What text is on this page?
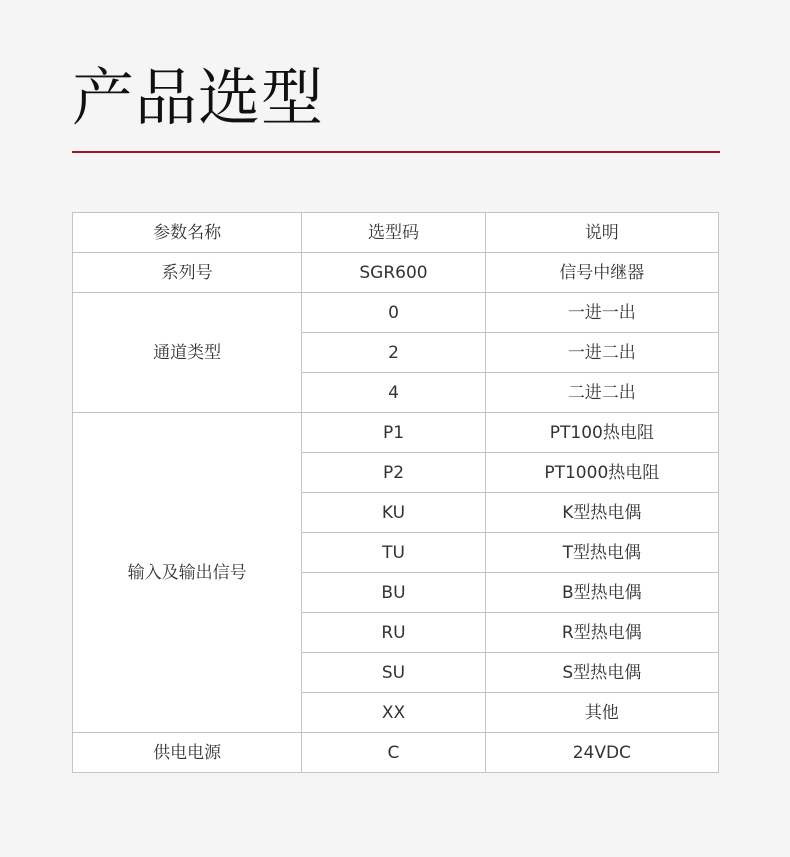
产品选型
参数名称	选型码	说明
系列号	SGR600	信号中继器
通道类型	0	一进一出
	2	一进二出
	4	二进二出
输入及输出信号	P1	PT100热电阻
	P2	PT1000热电阻
	KU	K型热电偶
	TU	T型热电偶
	BU	B型热电偶
	RU	R型热电偶
	SU	S型热电偶
	XX	其他
供电电源	C	24VDC
